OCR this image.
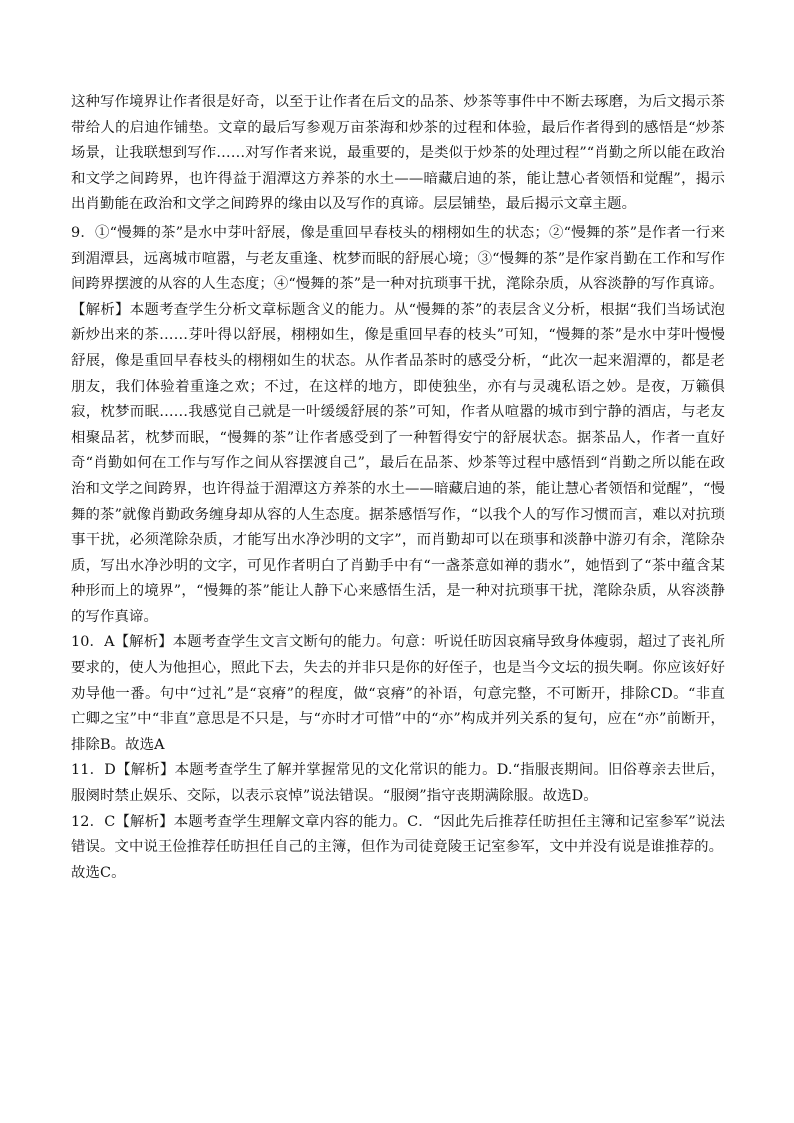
这种写作境界让作者很是好奇，以至于让作者在后文的品茶、炒茶等事件中不断去琢磨，为后文揭示茶带给人的启迪作铺垫。文章的最后写参观万亩茶海和炒茶的过程和体验，最后作者得到的感悟是“炒茶场景，让我联想到写作……对写作者来说，最重要的，是类似于炒茶的处理过程”“肖勤之所以能在政治和文学之间跨界，也许得益于湄潭这方养茶的水土——暗藏启迪的茶，能让慧心者领悟和觉醒”，揭示出肖勤能在政治和文学之间跨界的缘由以及写作的真谛。层层铺垫，最后揭示文章主题。

9．①“慢舞的茶”是水中芽叶舒展，像是重回早春枝头的栩栩如生的状态；②“慢舞的茶”是作者一行来到湄潭县，远离城市喧嚣，与老友重逢、枕梦而眠的舒展心境；③“慢舞的茶”是作家肖勤在工作和写作间跨界摆渡的从容的人生态度；④“慢舞的茶”是一种对抗琐事干扰，滗除杂质，从容淡静的写作真谛。

【解析】本题考查学生分析文章标题含义的能力。从“慢舞的茶”的表层含义分析，根据“我们当场试泡新炒出来的茶……芽叶得以舒展，栩栩如生，像是重回早春的枝头”可知，“慢舞的茶”是水中芽叶慢慢舒展，像是重回早春枝头的栩栩如生的状态。从作者品茶时的感受分析，“此次一起来湄潭的，都是老朋友，我们体验着重逢之欢；不过，在这样的地方，即使独坐，亦有与灵魂私语之妙。是夜，万籁俱寂，枕梦而眠……我感觉自己就是一叶缓缓舒展的茶”可知，作者从喧嚣的城市到宁静的酒店，与老友相聚品茗，枕梦而眠，“慢舞的茶”让作者感受到了一种暂得安宁的舒展状态。据茶品人，作者一直好奇“肖勤如何在工作与写作之间从容摆渡自己”，最后在品茶、炒茶等过程中感悟到“肖勤之所以能在政治和文学之间跨界，也许得益于湄潭这方养茶的水土——暗藏启迪的茶，能让慧心者领悟和觉醒”，“慢舞的茶”就像肖勤政务缠身却从容的人生态度。据茶感悟写作，“以我个人的写作习惯而言，难以对抗琐事干扰，必须滗除杂质，才能写出水净沙明的文字”，而肖勤却可以在琐事和淡静中游刃有余，滗除杂质，写出水净沙明的文字，可见作者明白了肖勤手中有“一盏茶意如禅的翡水”，她悟到了“茶中蕴含某种形而上的境界”，“慢舞的茶”能让人静下心来感悟生活，是一种对抗琐事干扰，滗除杂质，从容淡静的写作真谛。

10．A【解析】本题考查学生文言文断句的能力。句意：听说任昉因哀痛导致身体瘦弱，超过了丧礼所要求的，使人为他担心，照此下去，失去的并非只是你的好侄子，也是当今文坛的损失啊。你应该好好劝导他一番。句中“过礼”是“哀瘠”的程度，做“哀瘠”的补语，句意完整，不可断开，排除CD。“非直亡卿之宝”中“非直”意思是不只是，与“亦时才可惜”中的“亦”构成并列关系的复句，应在“亦”前断开，排除B。故选A

11．D【解析】本题考查学生了解并掌握常见的文化常识的能力。D.“指服丧期间。旧俗尊亲去世后，服阕时禁止娱乐、交际，以表示哀悼”说法错误。“服阕”指守丧期满除服。故选D。

12．C【解析】本题考查学生理解文章内容的能力。C．“因此先后推荐任昉担任主簿和记室参军”说法错误。文中说王俭推荐任昉担任自己的主簿，但作为司徒竟陵王记室参军，文中并没有说是谁推荐的。

故选C。
